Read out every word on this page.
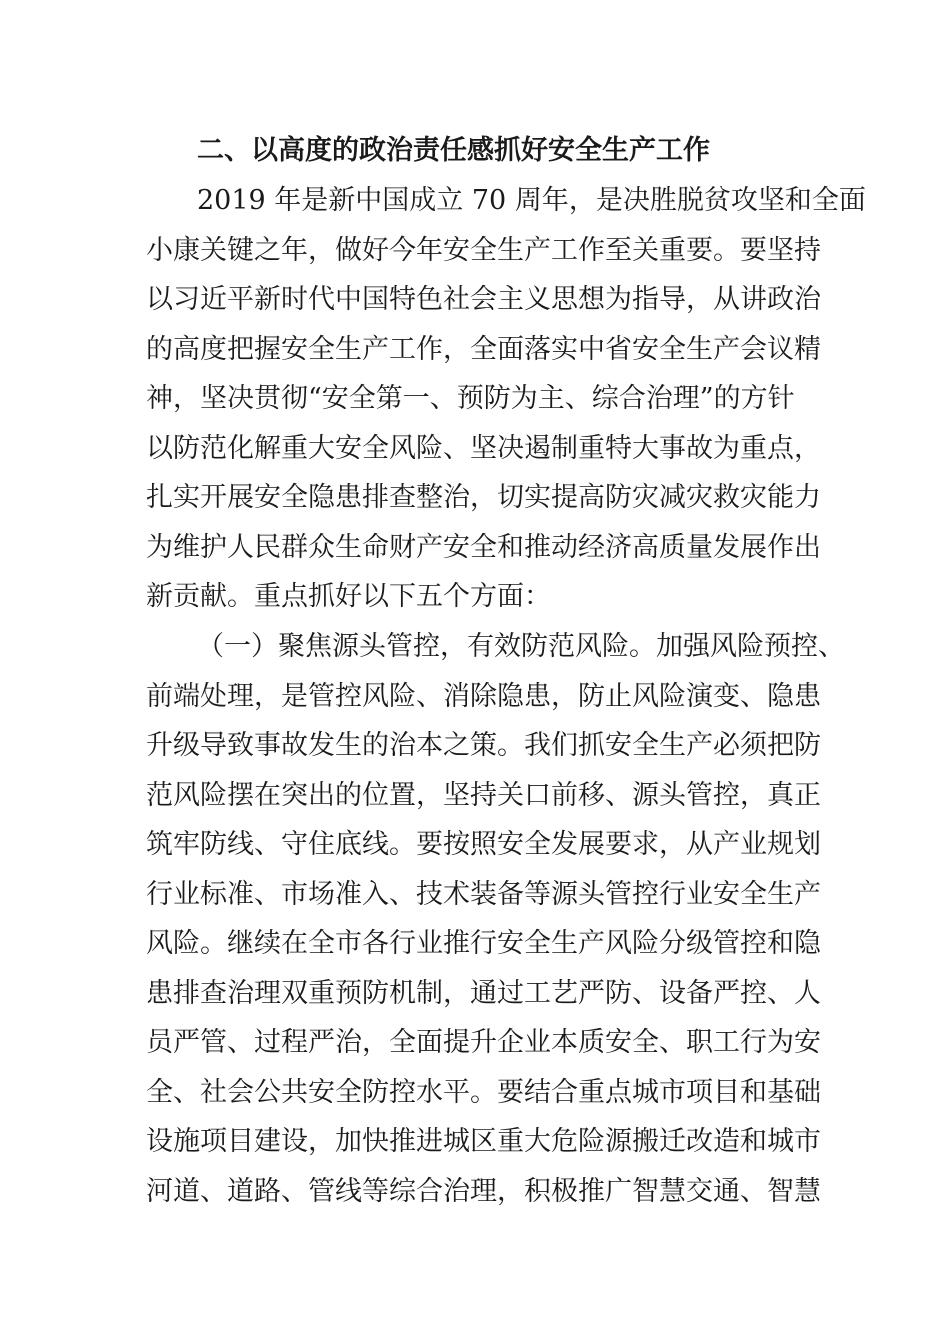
二、以高度的政治责任感抓好安全生产工作

2019 年是新中国成立 70 周年，是决胜脱贫攻坚和全面

小康关键之年，做好今年安全生产工作至关重要。要坚持

以习近平新时代中国特色社会主义思想为指导，从讲政治

的高度把握安全生产工作，全面落实中省安全生产会议精

神，坚决贯彻“安全第一、预防为主、综合治理”的方针

以防范化解重大安全风险、坚决遏制重特大事故为重点，

扎实开展安全隐患排查整治，切实提高防灾减灾救灾能力

为维护人民群众生命财产安全和推动经济高质量发展作出

新贡献。重点抓好以下五个方面：

（一）聚焦源头管控，有效防范风险。加强风险预控、

前端处理，是管控风险、消除隐患，防止风险演变、隐患

升级导致事故发生的治本之策。我们抓安全生产必须把防

范风险摆在突出的位置，坚持关口前移、源头管控，真正

筑牢防线、守住底线。要按照安全发展要求，从产业规划

行业标准、市场准入、技术装备等源头管控行业安全生产

风险。继续在全市各行业推行安全生产风险分级管控和隐

患排查治理双重预防机制，通过工艺严防、设备严控、人

员严管、过程严治，全面提升企业本质安全、职工行为安

全、社会公共安全防控水平。要结合重点城市项目和基础

设施项目建设，加快推进城区重大危险源搬迁改造和城市

河道、道路、管线等综合治理，积极推广智慧交通、智慧
